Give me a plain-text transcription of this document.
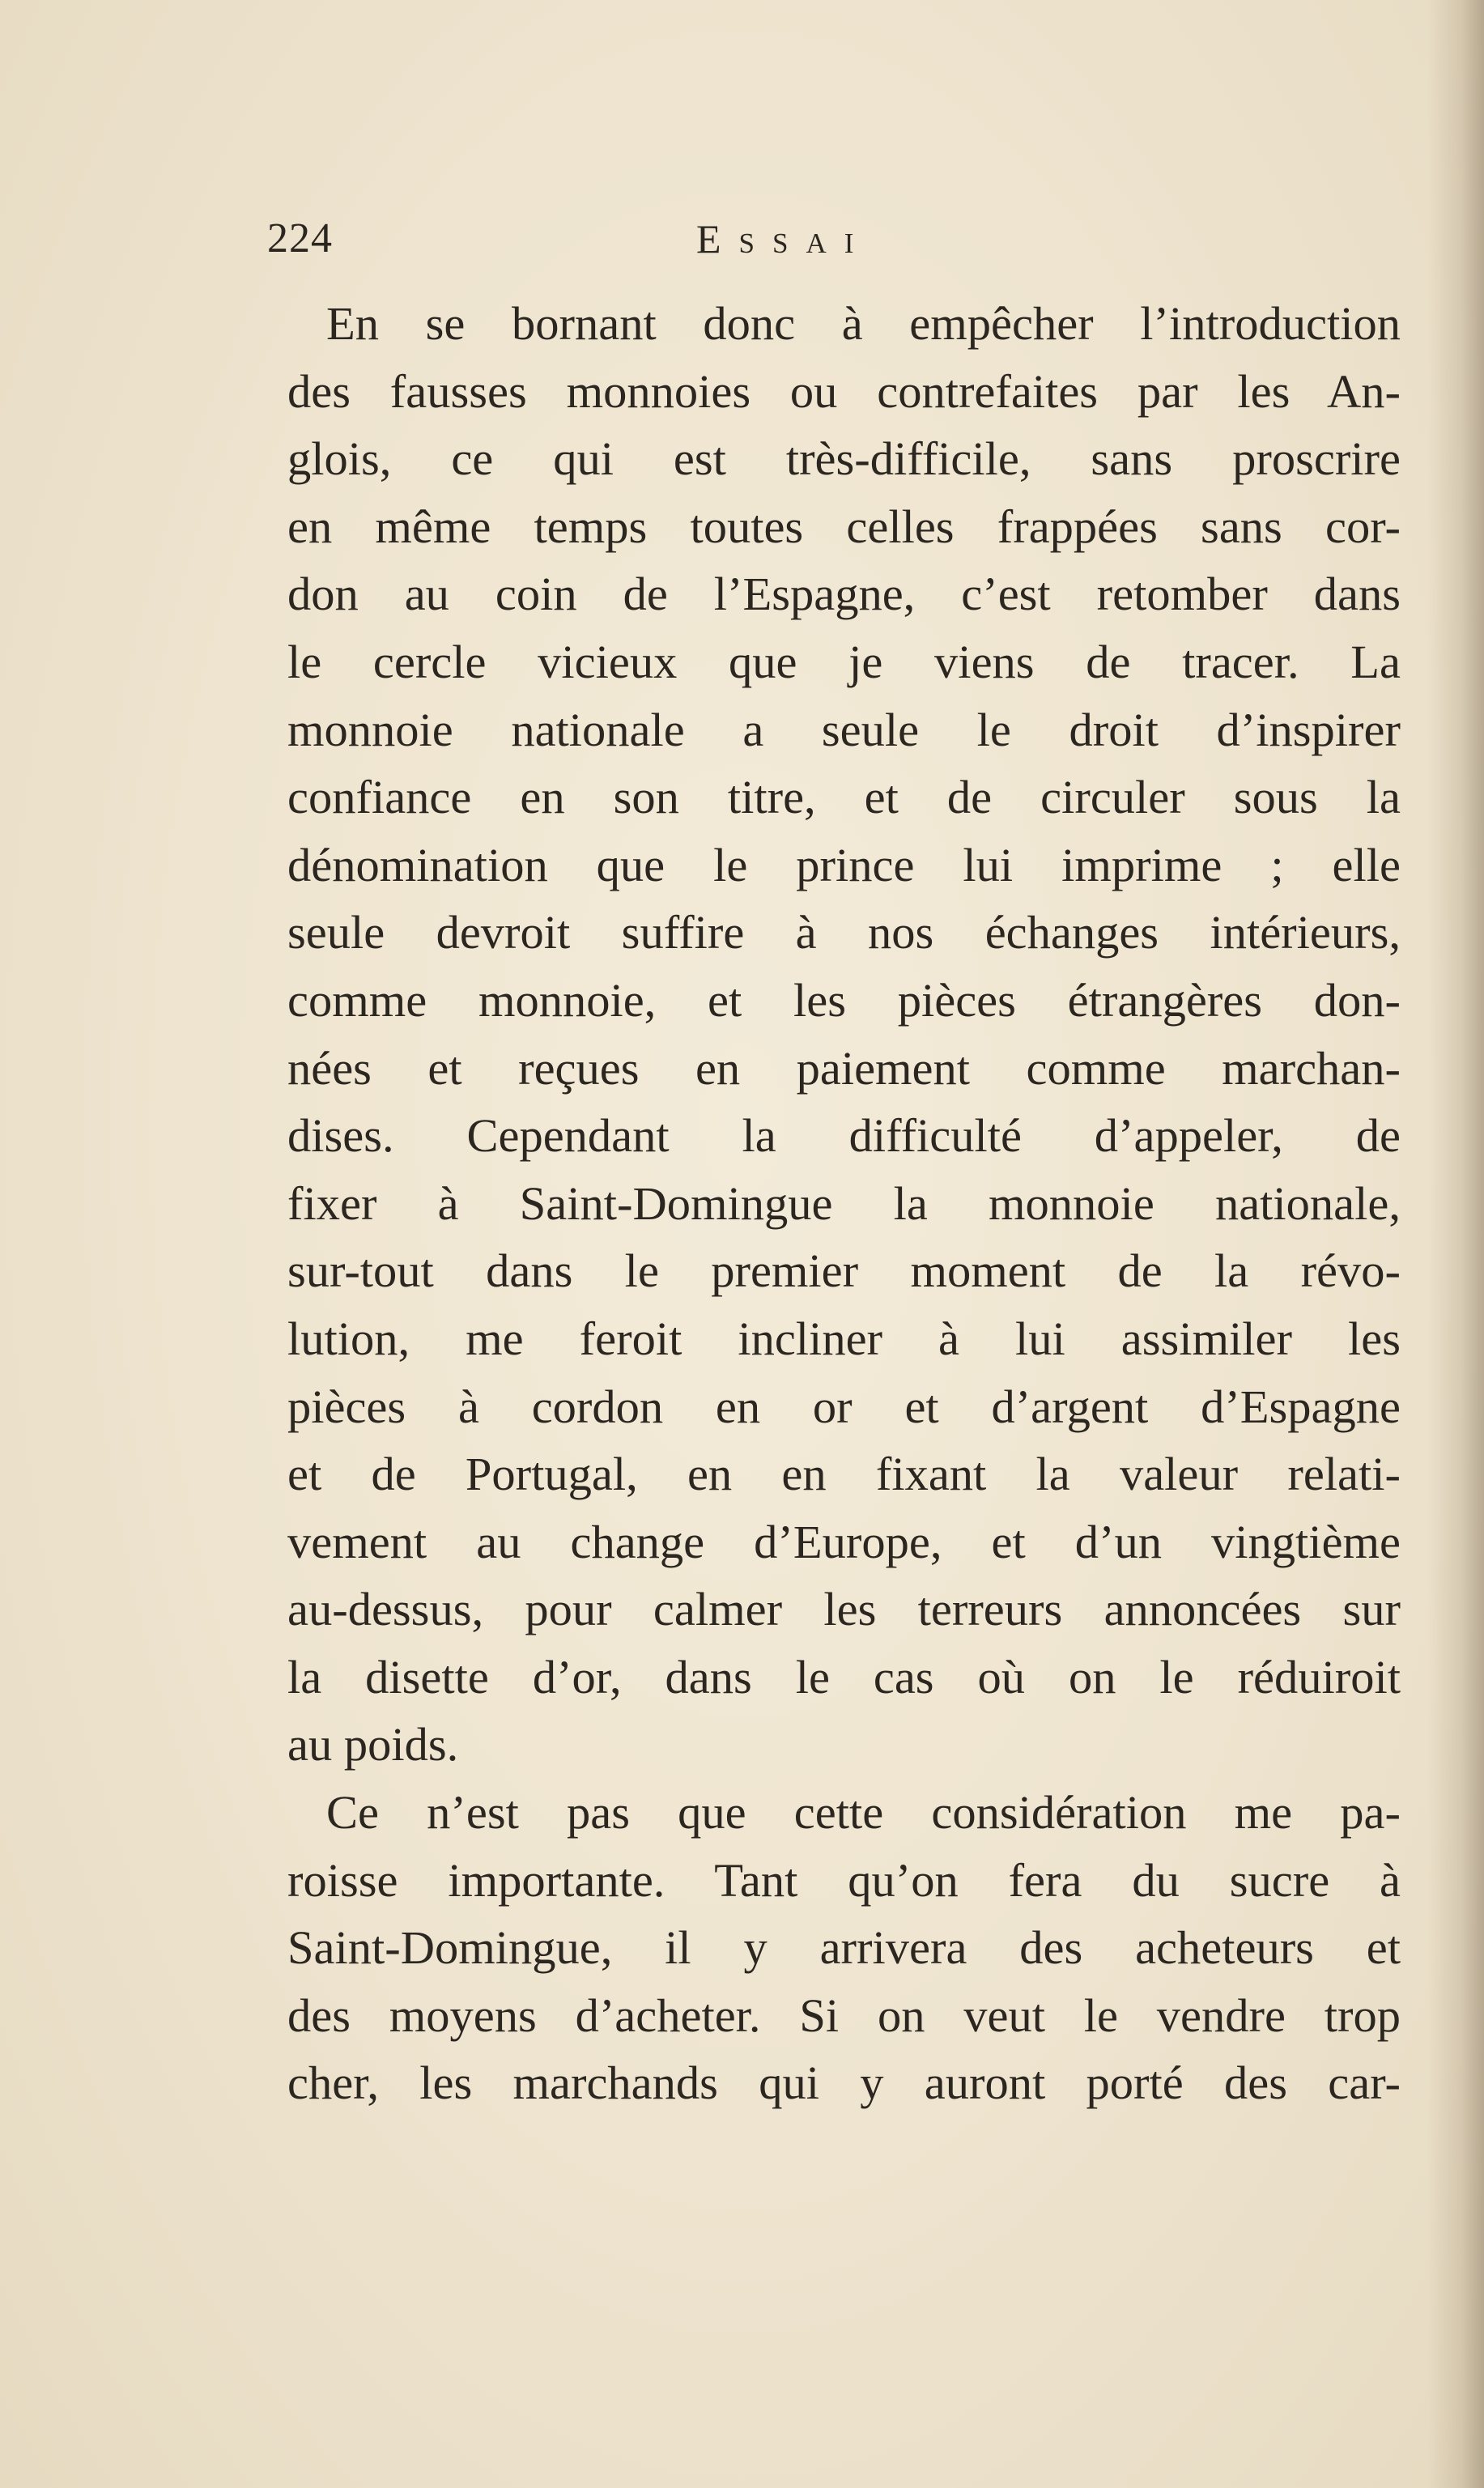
224	Essai
En se bornant donc à empêcher l’introduction
des fausses monnoies ou contrefaites par les An-
glois, ce qui est très-difficile, sans proscrire
en même temps toutes celles frappées sans cor-
don au coin de l’Espagne, c’est retomber dans
le cercle vicieux que je viens de tracer. La
monnoie nationale a seule le droit d’inspirer
confiance en son titre, et de circuler sous la
dénomination que le prince lui imprime ; elle
seule devroit suffire à nos échanges intérieurs,
comme monnoie, et les pièces étrangères don-
nées et reçues en paiement comme marchan-
dises. Cependant la difficulté d’appeler, de
fixer à Saint-Domingue la monnoie nationale,
sur-tout dans le premier moment de la révo-
lution, me feroit incliner à lui assimiler les
pièces à cordon en or et d’argent d’Espagne
et de Portugal, en en fixant la valeur relati-
vement au change d’Europe, et d’un vingtième
au-dessus, pour calmer les terreurs annoncées sur
la disette d’or, dans le cas où on le réduiroit
au poids.
Ce n’est pas que cette considération me pa-
roisse importante. Tant qu’on fera du sucre à
Saint-Domingue, il y arrivera des acheteurs et
des moyens d’acheter. Si on veut le vendre trop
cher, les marchands qui y auront porté des car-
